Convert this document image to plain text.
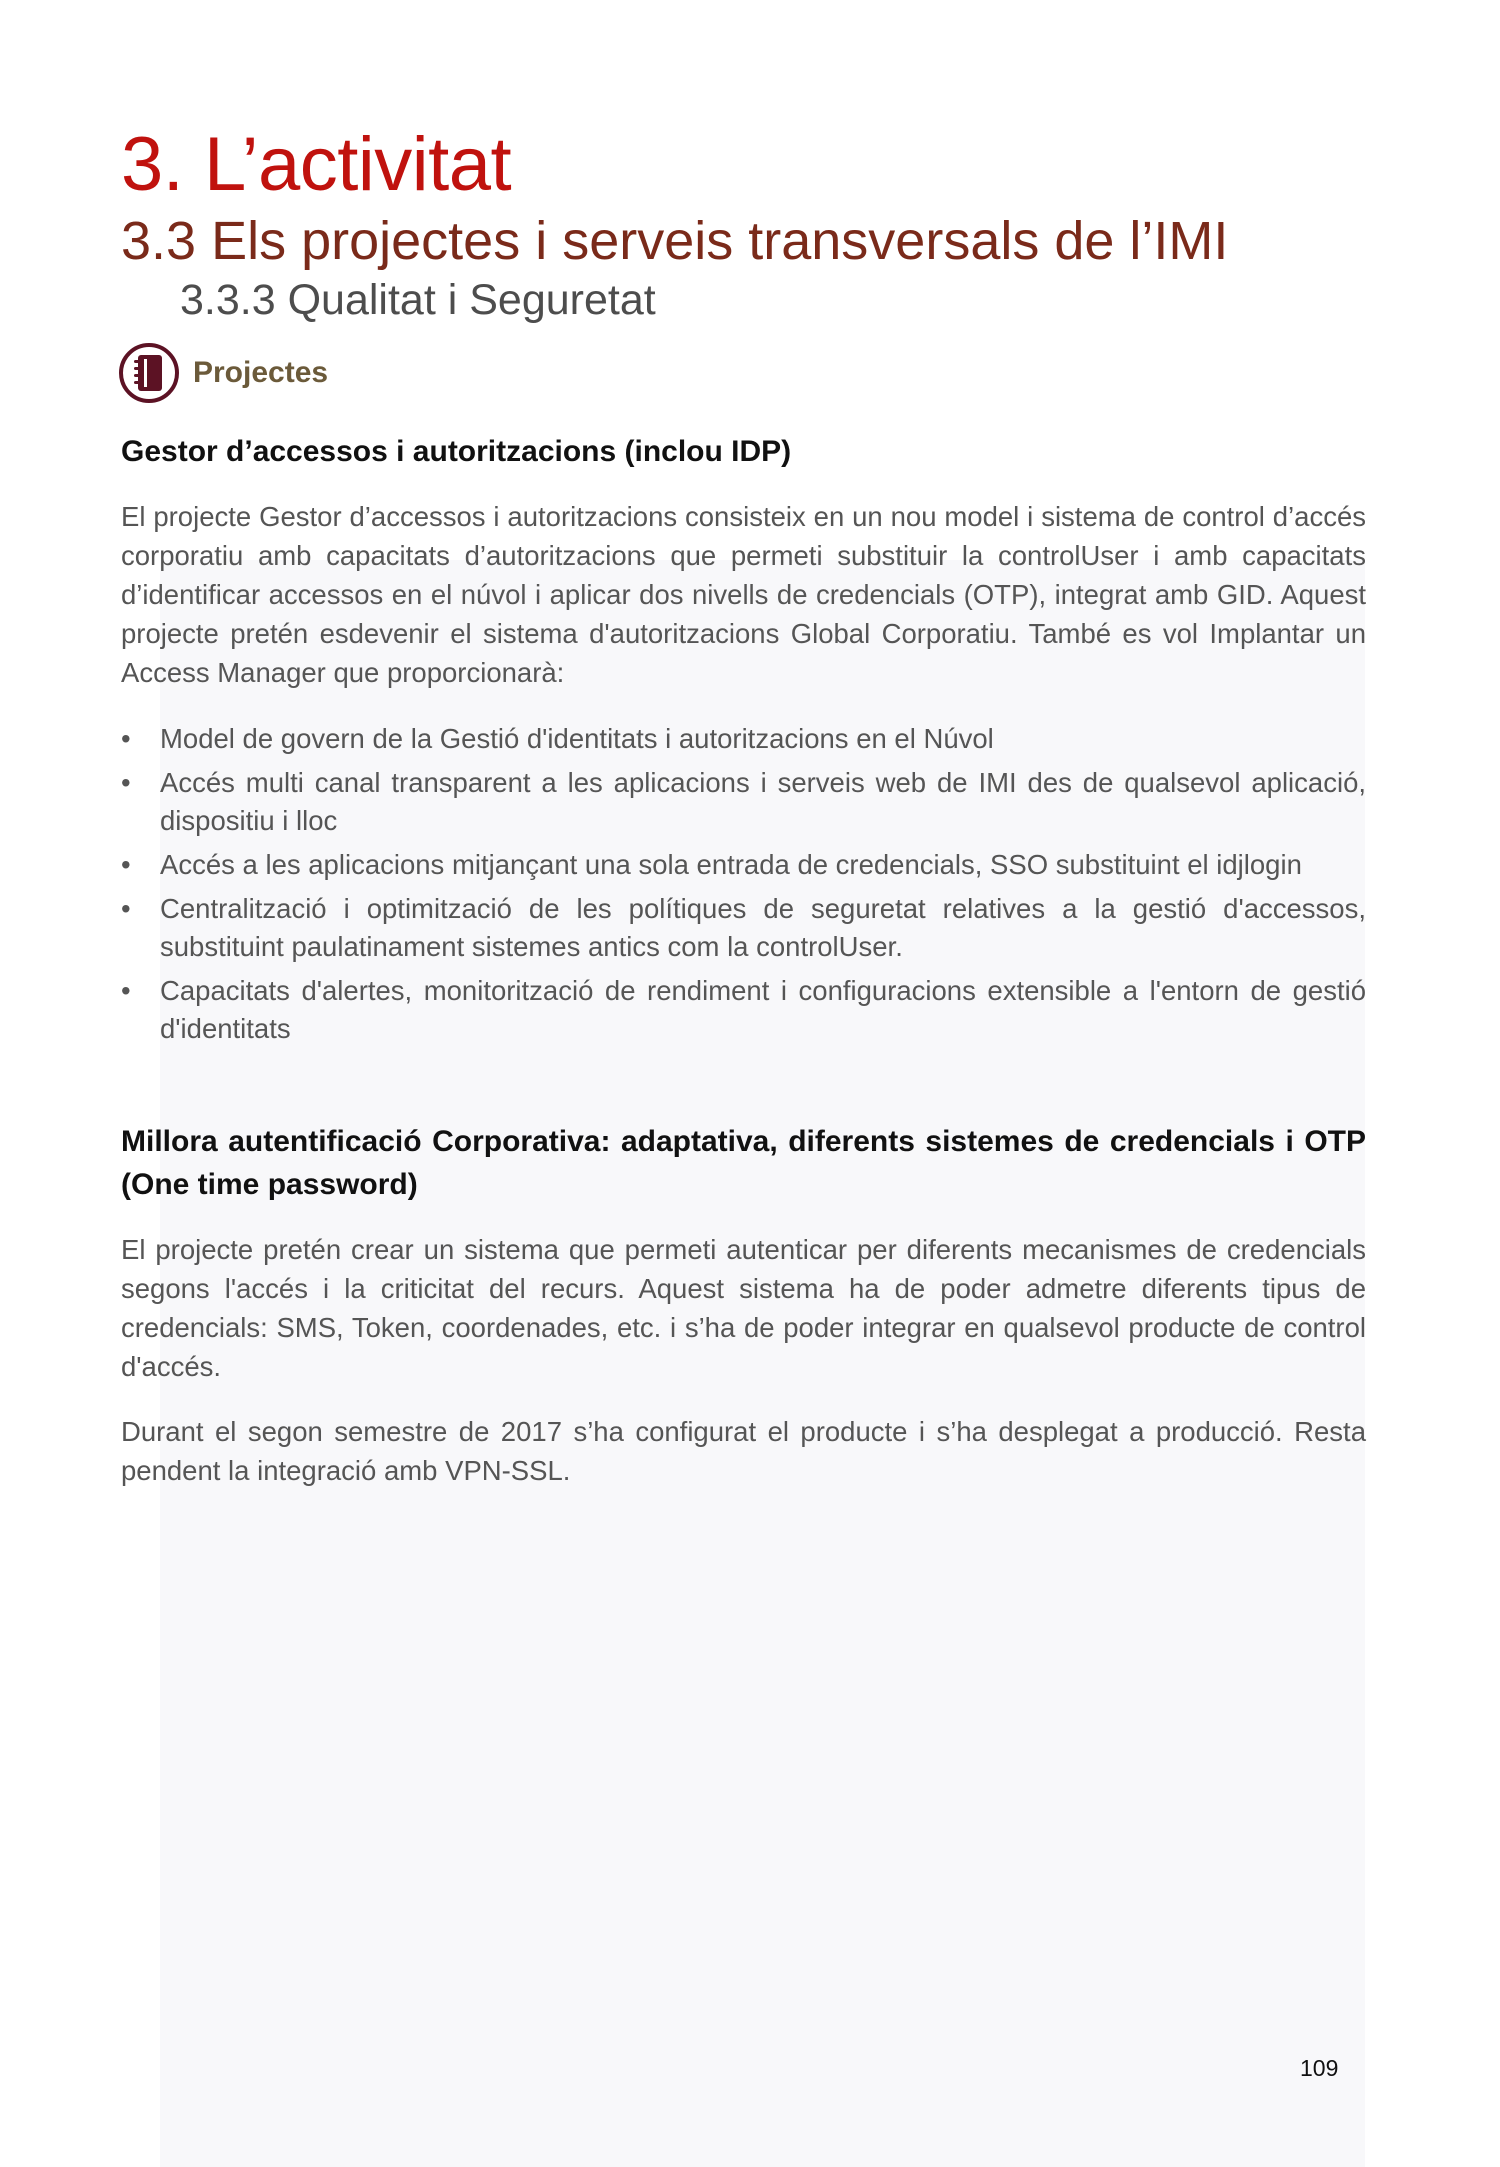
3. L’activitat
3.3 Els projectes i serveis transversals de l’IMI
3.3.3 Qualitat i Seguretat
Projectes

Gestor d’accessos i autoritzacions (inclou IDP)

El projecte Gestor d’accessos i autoritzacions consisteix en un nou model i sistema de control d’accés corporatiu amb capacitats d’autoritzacions que permeti substituir la controlUser i amb capacitats d’identificar accessos en el núvol i aplicar dos nivells de credencials (OTP), integrat amb GID. Aquest projecte pretén esdevenir el sistema d'autoritzacions Global Corporatiu. També es vol Implantar un Access Manager que proporcionarà:

• Model de govern de la Gestió d'identitats i autoritzacions en el Núvol
• Accés multi canal transparent a les aplicacions i serveis web de IMI des de qualsevol aplicació, dispositiu i lloc
• Accés a les aplicacions mitjançant una sola entrada de credencials, SSO substituint el idjlogin
• Centralització i optimització de les polítiques de seguretat relatives a la gestió d'accessos, substituint paulatinament sistemes antics com la controlUser.
• Capacitats d'alertes, monitorització de rendiment i configuracions extensible a l'entorn de gestió d'identitats

Millora autentificació Corporativa: adaptativa, diferents sistemes de credencials i OTP (One time password)

El projecte pretén crear un sistema que permeti autenticar per diferents mecanismes de credencials segons l'accés i la criticitat del recurs. Aquest sistema ha de poder admetre diferents tipus de credencials: SMS, Token, coordenades, etc. i s’ha de poder integrar en qualsevol producte de control d'accés.

Durant el segon semestre de 2017 s’ha configurat el producte i s’ha desplegat a producció. Resta pendent la integració amb VPN-SSL.

109
